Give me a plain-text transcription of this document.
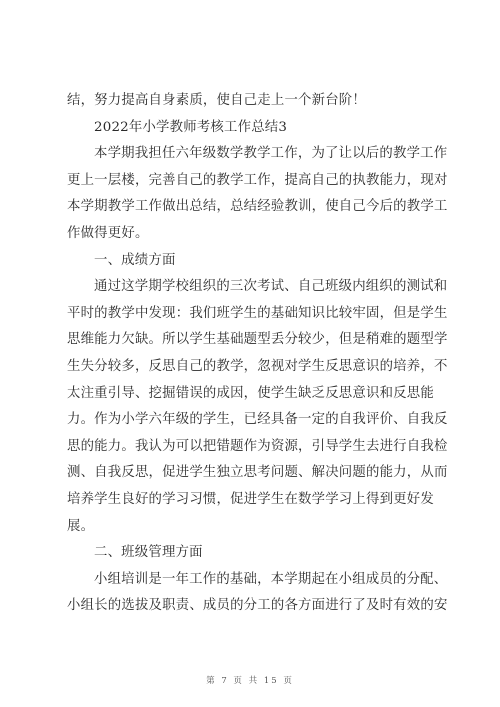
结，努力提高自身素质，使自己走上一个新台阶！
2022年小学教师考核工作总结3
本学期我担任六年级数学教学工作，为了让以后的教学工作
更上一层楼，完善自己的教学工作，提高自己的执教能力，现对
本学期教学工作做出总结，总结经验教训，使自己今后的教学工
作做得更好。
一、成绩方面
通过这学期学校组织的三次考试、自己班级内组织的测试和
平时的教学中发现：我们班学生的基础知识比较牢固，但是学生
思维能力欠缺。所以学生基础题型丢分较少，但是稍难的题型学
生失分较多，反思自己的教学，忽视对学生反思意识的培养，不
太注重引导、挖掘错误的成因，使学生缺乏反思意识和反思能
力。作为小学六年级的学生，已经具备一定的自我评价、自我反
思的能力。我认为可以把错题作为资源，引导学生去进行自我检
测、自我反思，促进学生独立思考问题、解决问题的能力，从而
培养学生良好的学习习惯，促进学生在数学学习上得到更好发
展。
二、班级管理方面
小组培训是一年工作的基础，本学期起在小组成员的分配、
小组长的选拔及职责、成员的分工的各方面进行了及时有效的安
第 7 页 共 15 页
